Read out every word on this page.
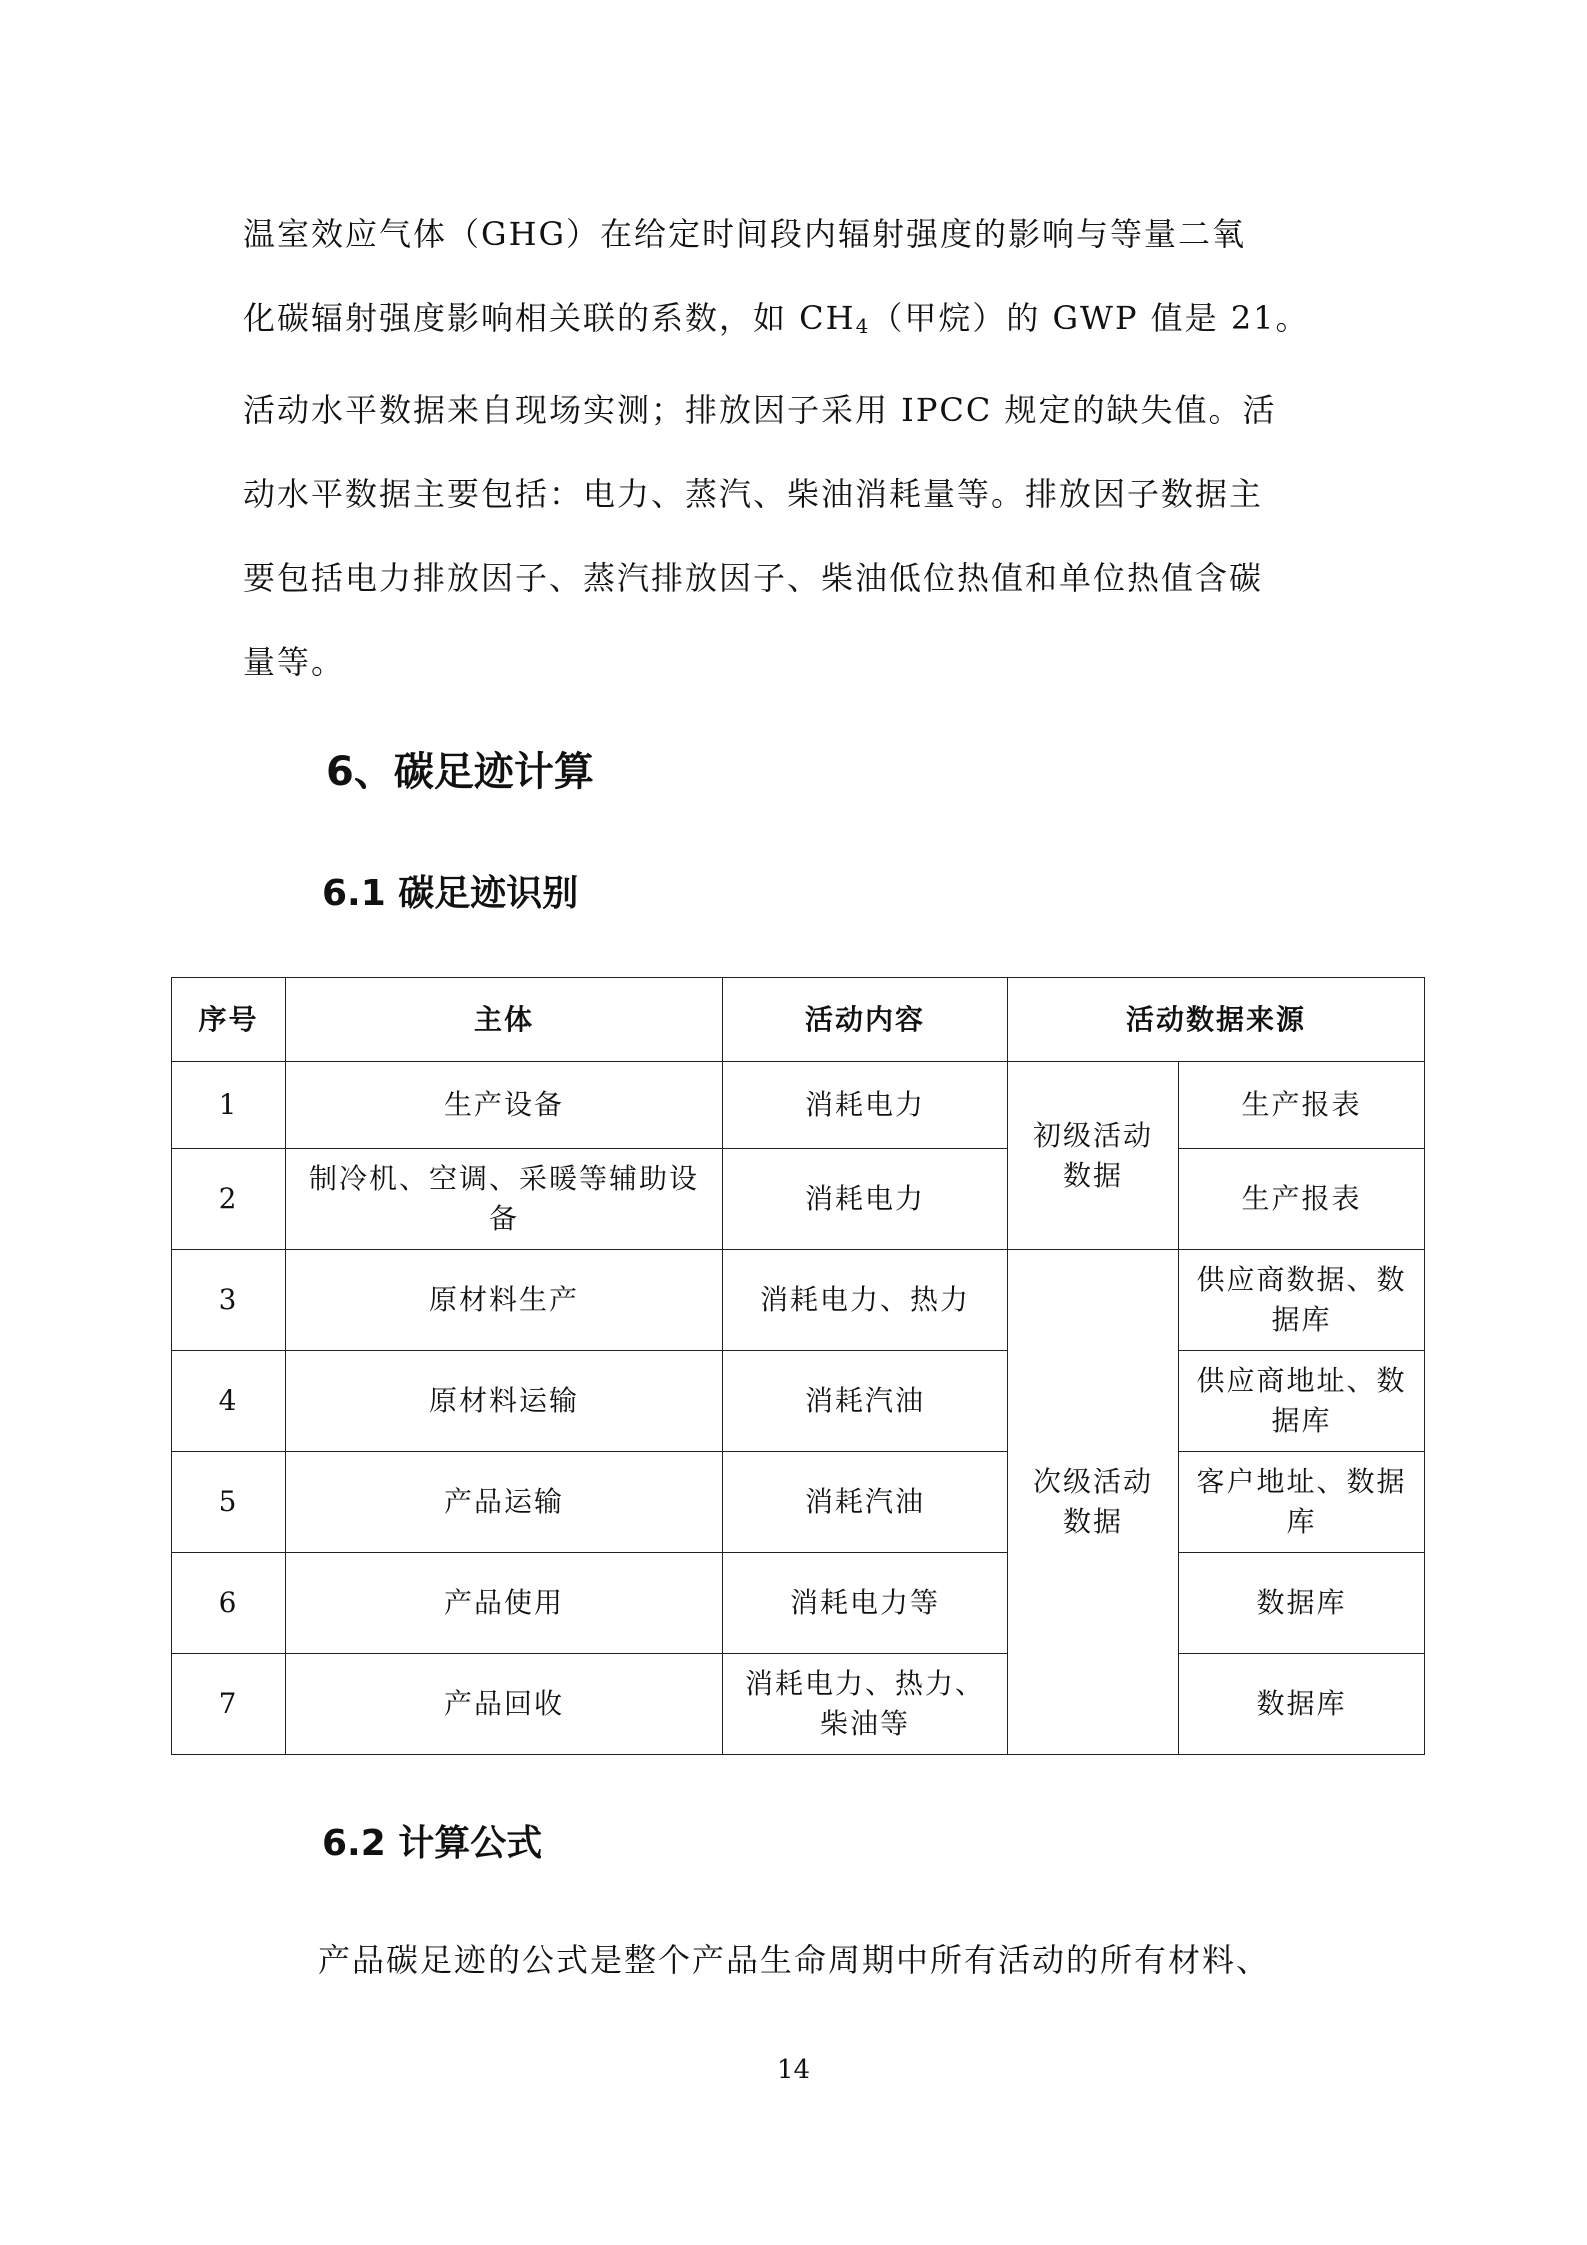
温室效应气体（GHG）在给定时间段内辐射强度的影响与等量二氧
化碳辐射强度影响相关联的系数，如 $CH_4$（甲烷）的 GWP 值是 21。
活动水平数据来自现场实测；排放因子采用 IPCC 规定的缺失值。活
动水平数据主要包括：电力、蒸汽、柴油消耗量等。排放因子数据主
要包括电力排放因子、蒸汽排放因子、柴油低位热值和单位热值含碳
量等。
6、碳足迹计算
6.1 碳足迹识别
序号	主体	活动内容	活动数据来源	
1	生产设备	消耗电力	初级活动数据	生产报表
2	制冷机、空调、采暖等辅助设备	消耗电力		生产报表
3	原材料生产	消耗电力、热力	次级活动数据	供应商数据、数据库
4	原材料运输	消耗汽油		供应商地址、数据库
5	产品运输	消耗汽油		客户地址、数据库
6	产品使用	消耗电力等		数据库
7	产品回收	消耗电力、热力、柴油等		数据库
6.2 计算公式
产品碳足迹的公式是整个产品生命周期中所有活动的所有材料、

14
